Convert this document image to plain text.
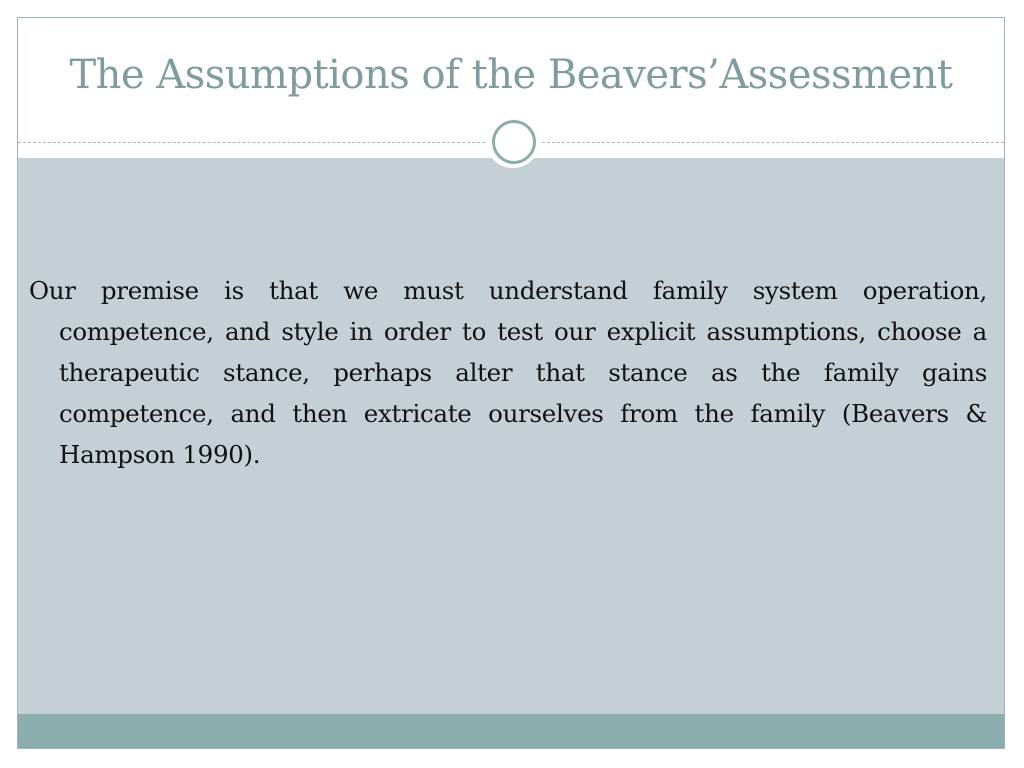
The Assumptions of the Beavers’Assessment

Our premise is that we must understand family system operation, competence, and style in order to test our explicit assumptions, choose a therapeutic stance, perhaps alter that stance as the family gains competence, and then extricate ourselves from the family (Beavers & Hampson 1990).
